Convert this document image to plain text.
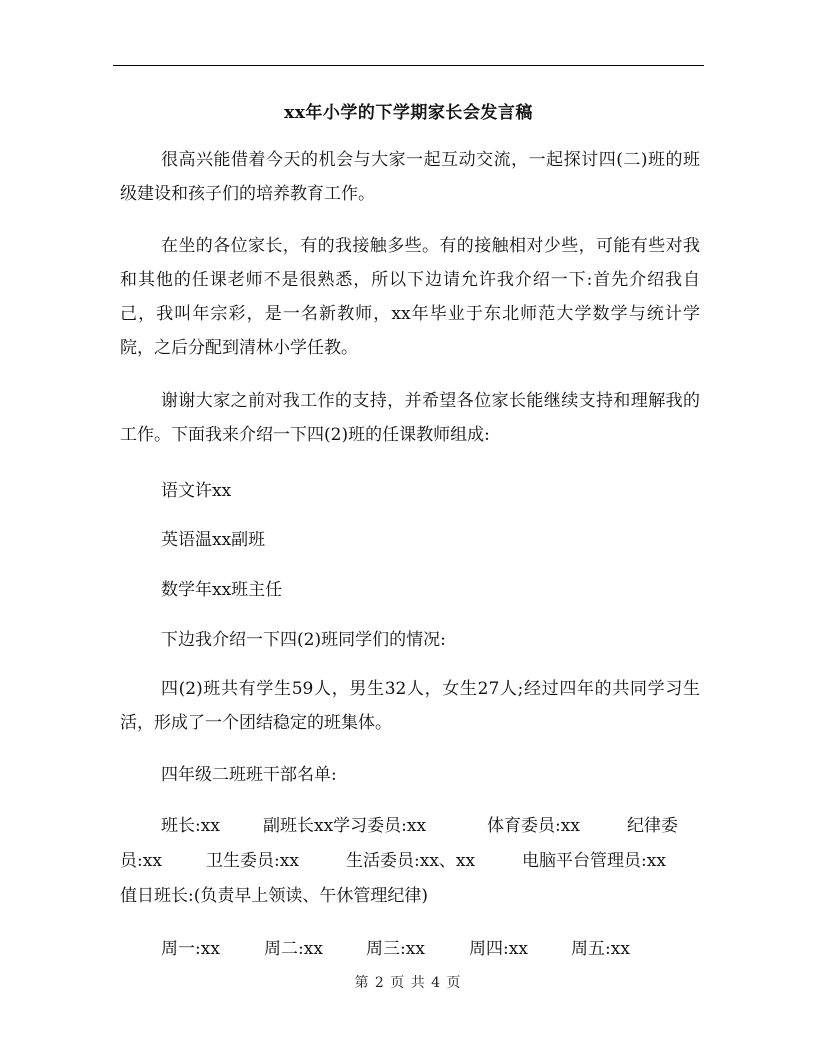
xx年小学的下学期家长会发言稿
很高兴能借着今天的机会与大家一起互动交流，一起探讨四(二)班的班级建设和孩子们的培养教育工作。
在坐的各位家长，有的我接触多些。有的接触相对少些，可能有些对我和其他的任课老师不是很熟悉，所以下边请允许我介绍一下:首先介绍我自己，我叫年宗彩，是一名新教师，xx年毕业于东北师范大学数学与统计学院，之后分配到清林小学任教。
谢谢大家之前对我工作的支持，并希望各位家长能继续支持和理解我的工作。下面我来介绍一下四(2)班的任课教师组成:
语文许xx
英语温xx副班
数学年xx班主任
下边我介绍一下四(2)班同学们的情况:
四(2)班共有学生59人，男生32人，女生27人;经过四年的共同学习生活，形成了一个团结稳定的班集体。
四年级二班班干部名单:
班长:xx	副班长xx学习委员:xx	体育委员:xx	纪律委
员:xx	卫生委员:xx	生活委员:xx、xx	电脑平台管理员:xx
值日班长:(负责早上领读、午休管理纪律)
周一:xx	周二:xx	周三:xx	周四:xx	周五:xx
第 2 页 共 4 页
